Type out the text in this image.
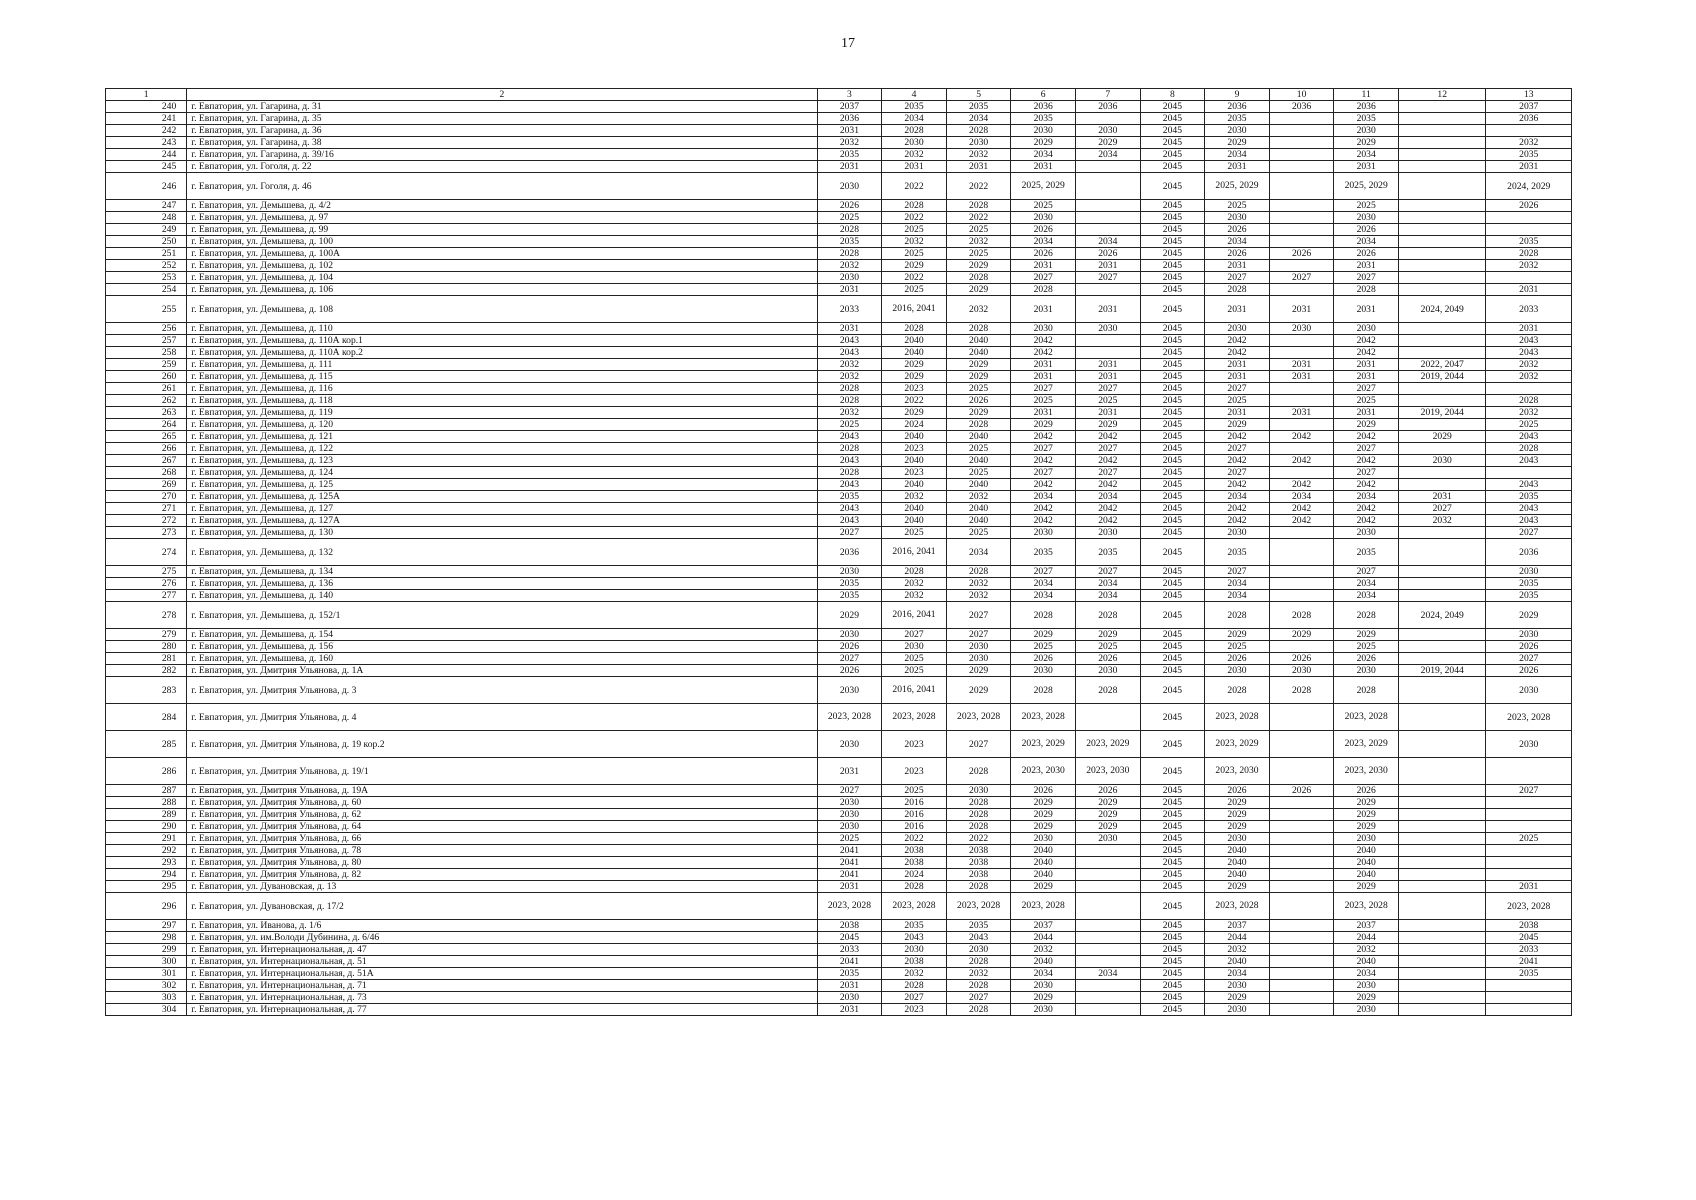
17
1	2	3	4	5	6	7	8	9	10	11	12	13
240	г. Евпатория, ул. Гагарина, д. 31	2037	2035	2035	2036	2036	2045	2036	2036	2036		2037
241	г. Евпатория, ул. Гагарина, д. 35	2036	2034	2034	2035		2045	2035		2035		2036
242	г. Евпатория, ул. Гагарина, д. 36	2031	2028	2028	2030	2030	2045	2030		2030		
243	г. Евпатория, ул. Гагарина, д. 38	2032	2030	2030	2029	2029	2045	2029		2029		2032
244	г. Евпатория, ул. Гагарина, д. 39/16	2035	2032	2032	2034	2034	2045	2034		2034		2035
245	г. Евпатория, ул. Гоголя, д. 22	2031	2031	2031	2031		2045	2031		2031		2031
246	г. Евпатория, ул. Гоголя, д. 46	2030	2022	2022	2025, 2029		2045	2025, 2029		2025, 2029		2024, 2029
247	г. Евпатория, ул. Демышева, д. 4/2	2026	2028	2028	2025		2045	2025		2025		2026
248	г. Евпатория, ул. Демышева, д. 97	2025	2022	2022	2030		2045	2030		2030		
249	г. Евпатория, ул. Демышева, д. 99	2028	2025	2025	2026		2045	2026		2026		
250	г. Евпатория, ул. Демышева, д. 100	2035	2032	2032	2034	2034	2045	2034		2034		2035
251	г. Евпатория, ул. Демышева, д. 100А	2028	2025	2025	2026	2026	2045	2026	2026	2026		2028
252	г. Евпатория, ул. Демышева, д. 102	2032	2029	2029	2031	2031	2045	2031		2031		2032
253	г. Евпатория, ул. Демышева, д. 104	2030	2022	2028	2027	2027	2045	2027	2027	2027		
254	г. Евпатория, ул. Демышева, д. 106	2031	2025	2029	2028		2045	2028		2028		2031
255	г. Евпатория, ул. Демышева, д. 108	2033	2016, 2041	2032	2031	2031	2045	2031	2031	2031	2024, 2049	2033
256	г. Евпатория, ул. Демышева, д. 110	2031	2028	2028	2030	2030	2045	2030	2030	2030		2031
257	г. Евпатория, ул. Демышева, д. 110А кор.1	2043	2040	2040	2042		2045	2042		2042		2043
258	г. Евпатория, ул. Демышева, д. 110А кор.2	2043	2040	2040	2042		2045	2042		2042		2043
259	г. Евпатория, ул. Демышева, д. 111	2032	2029	2029	2031	2031	2045	2031	2031	2031	2022, 2047	2032
260	г. Евпатория, ул. Демышева, д. 115	2032	2029	2029	2031	2031	2045	2031	2031	2031	2019, 2044	2032
261	г. Евпатория, ул. Демышева, д. 116	2028	2023	2025	2027	2027	2045	2027		2027		
262	г. Евпатория, ул. Демышева, д. 118	2028	2022	2026	2025	2025	2045	2025		2025		2028
263	г. Евпатория, ул. Демышева, д. 119	2032	2029	2029	2031	2031	2045	2031	2031	2031	2019, 2044	2032
264	г. Евпатория, ул. Демышева, д. 120	2025	2024	2028	2029	2029	2045	2029		2029		2025
265	г. Евпатория, ул. Демышева, д. 121	2043	2040	2040	2042	2042	2045	2042	2042	2042	2029	2043
266	г. Евпатория, ул. Демышева, д. 122	2028	2023	2025	2027	2027	2045	2027		2027		2028
267	г. Евпатория, ул. Демышева, д. 123	2043	2040	2040	2042	2042	2045	2042	2042	2042	2030	2043
268	г. Евпатория, ул. Демышева, д. 124	2028	2023	2025	2027	2027	2045	2027		2027		
269	г. Евпатория, ул. Демышева, д. 125	2043	2040	2040	2042	2042	2045	2042	2042	2042		2043
270	г. Евпатория, ул. Демышева, д. 125А	2035	2032	2032	2034	2034	2045	2034	2034	2034	2031	2035
271	г. Евпатория, ул. Демышева, д. 127	2043	2040	2040	2042	2042	2045	2042	2042	2042	2027	2043
272	г. Евпатория, ул. Демышева, д. 127А	2043	2040	2040	2042	2042	2045	2042	2042	2042	2032	2043
273	г. Евпатория, ул. Демышева, д. 130	2027	2025	2025	2030	2030	2045	2030		2030		2027
274	г. Евпатория, ул. Демышева, д. 132	2036	2016, 2041	2034	2035	2035	2045	2035		2035		2036
275	г. Евпатория, ул. Демышева, д. 134	2030	2028	2028	2027	2027	2045	2027		2027		2030
276	г. Евпатория, ул. Демышева, д. 136	2035	2032	2032	2034	2034	2045	2034		2034		2035
277	г. Евпатория, ул. Демышева, д. 140	2035	2032	2032	2034	2034	2045	2034		2034		2035
278	г. Евпатория, ул. Демышева, д. 152/1	2029	2016, 2041	2027	2028	2028	2045	2028	2028	2028	2024, 2049	2029
279	г. Евпатория, ул. Демышева, д. 154	2030	2027	2027	2029	2029	2045	2029	2029	2029		2030
280	г. Евпатория, ул. Демышева, д. 156	2026	2030	2030	2025	2025	2045	2025		2025		2026
281	г. Евпатория, ул. Демышева, д. 160	2027	2025	2030	2026	2026	2045	2026	2026	2026		2027
282	г. Евпатория, ул. Дмитрия Ульянова, д. 1А	2026	2025	2029	2030	2030	2045	2030	2030	2030	2019, 2044	2026
283	г. Евпатория, ул. Дмитрия Ульянова, д. 3	2030	2016, 2041	2029	2028	2028	2045	2028	2028	2028		2030
284	г. Евпатория, ул. Дмитрия Ульянова, д. 4	2023, 2028	2023, 2028	2023, 2028	2023, 2028		2045	2023, 2028		2023, 2028		2023, 2028
285	г. Евпатория, ул. Дмитрия Ульянова, д. 19 кор.2	2030	2023	2027	2023, 2029	2023, 2029	2045	2023, 2029		2023, 2029		2030
286	г. Евпатория, ул. Дмитрия Ульянова, д. 19/1	2031	2023	2028	2023, 2030	2023, 2030	2045	2023, 2030		2023, 2030		
287	г. Евпатория, ул. Дмитрия Ульянова, д. 19А	2027	2025	2030	2026	2026	2045	2026	2026	2026		2027
288	г. Евпатория, ул. Дмитрия Ульянова, д. 60	2030	2016	2028	2029	2029	2045	2029		2029		
289	г. Евпатория, ул. Дмитрия Ульянова, д. 62	2030	2016	2028	2029	2029	2045	2029		2029		
290	г. Евпатория, ул. Дмитрия Ульянова, д. 64	2030	2016	2028	2029	2029	2045	2029		2029		
291	г. Евпатория, ул. Дмитрия Ульянова, д. 66	2025	2022	2022	2030	2030	2045	2030		2030		2025
292	г. Евпатория, ул. Дмитрия Ульянова, д. 78	2041	2038	2038	2040		2045	2040		2040		
293	г. Евпатория, ул. Дмитрия Ульянова, д. 80	2041	2038	2038	2040		2045	2040		2040		
294	г. Евпатория, ул. Дмитрия Ульянова, д. 82	2041	2024	2038	2040		2045	2040		2040		
295	г. Евпатория, ул. Дувановская, д. 13	2031	2028	2028	2029		2045	2029		2029		2031
296	г. Евпатория, ул. Дувановская, д. 17/2	2023, 2028	2023, 2028	2023, 2028	2023, 2028		2045	2023, 2028		2023, 2028		2023, 2028
297	г. Евпатория, ул. Иванова, д. 1/6	2038	2035	2035	2037		2045	2037		2037		2038
298	г. Евпатория, ул. им.Володи Дубинина, д. 6/46	2045	2043	2043	2044		2045	2044		2044		2045
299	г. Евпатория, ул. Интернациональная, д. 47	2033	2030	2030	2032		2045	2032		2032		2033
300	г. Евпатория, ул. Интернациональная, д. 51	2041	2038	2028	2040		2045	2040		2040		2041
301	г. Евпатория, ул. Интернациональная, д. 51А	2035	2032	2032	2034	2034	2045	2034		2034		2035
302	г. Евпатория, ул. Интернациональная, д. 71	2031	2028	2028	2030		2045	2030		2030		
303	г. Евпатория, ул. Интернациональная, д. 73	2030	2027	2027	2029		2045	2029		2029		
304	г. Евпатория, ул. Интернациональная, д. 77	2031	2023	2028	2030		2045	2030		2030		
